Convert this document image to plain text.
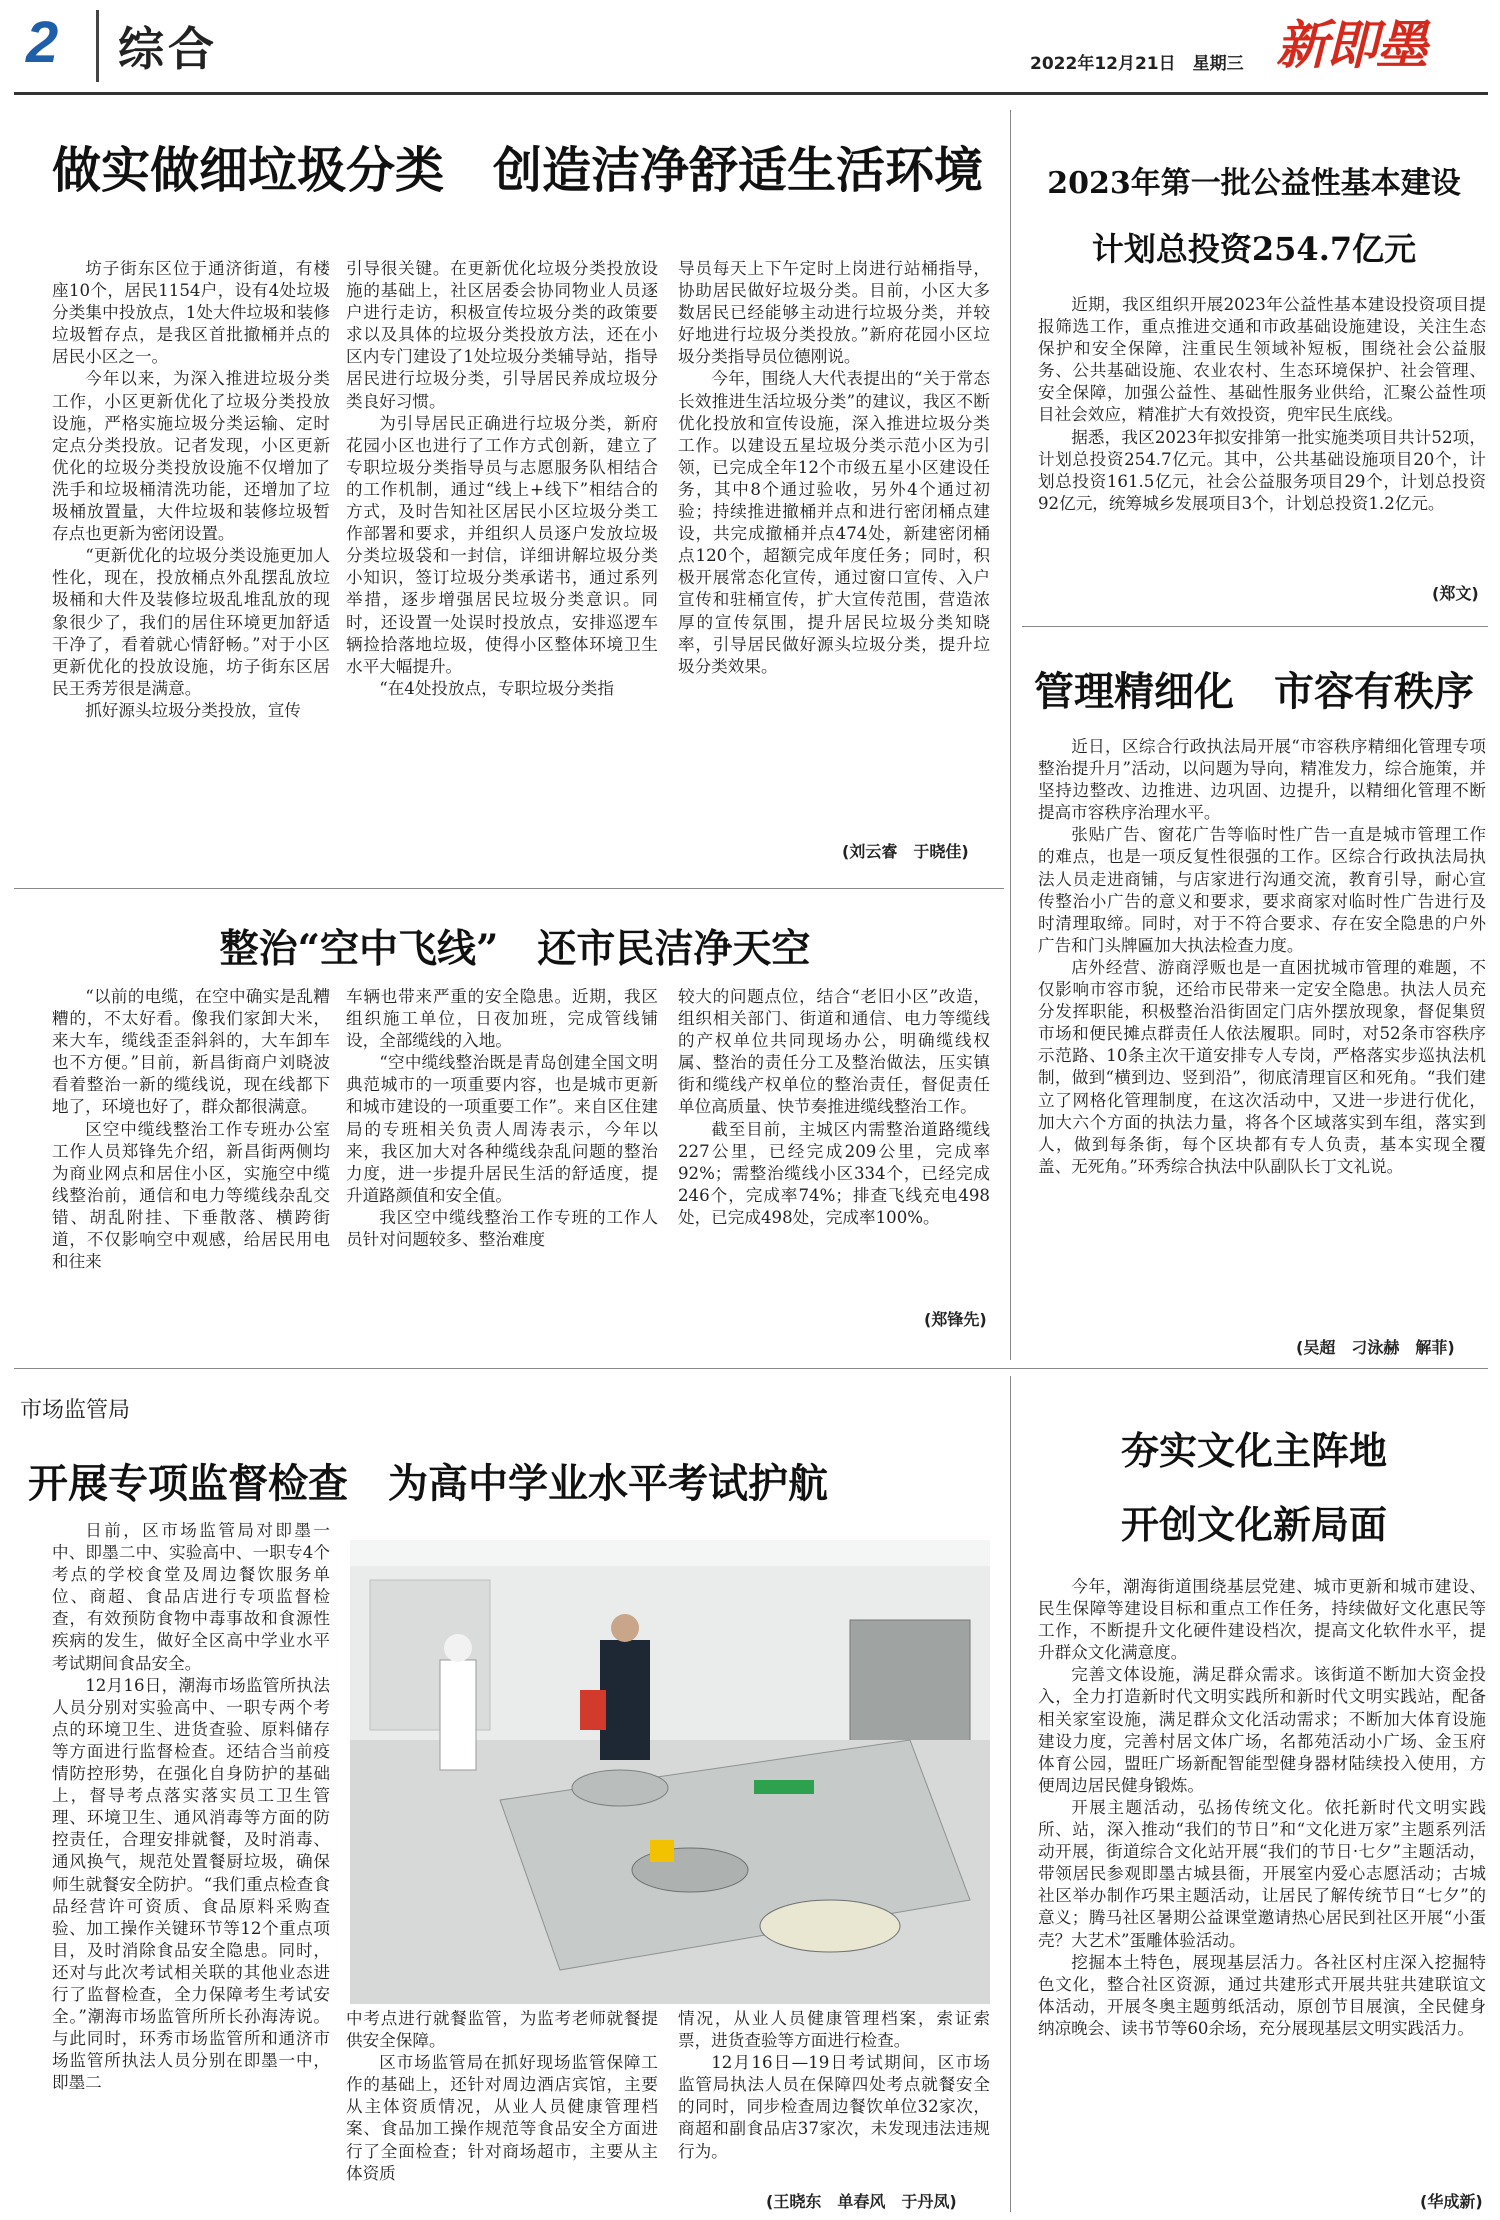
2 综合	2022年12月21日　星期三 新即墨
做实做细垃圾分类　创造洁净舒适生活环境

坊子街东区位于通济街道，有楼座10个，居民1154户，设有4处垃圾分类集中投放点，1处大件垃圾和装修垃圾暂存点，是我区首批撤桶并点的居民小区之一。

今年以来，为深入推进垃圾分类工作，小区更新优化了垃圾分类投放设施，严格实施垃圾分类运输、定时定点分类投放。记者发现，小区更新优化的垃圾分类投放设施不仅增加了洗手和垃圾桶清洗功能，还增加了垃圾桶放置量，大件垃圾和装修垃圾暂存点也更新为密闭设置。

“更新优化的垃圾分类设施更加人性化，现在，投放桶点外乱摆乱放垃圾桶和大件及装修垃圾乱堆乱放的现象很少了，我们的居住环境更加舒适干净了，看着就心情舒畅。”对于小区更新优化的投放设施，坊子街东区居民王秀芳很是满意。

抓好源头垃圾分类投放，宣传

引导很关键。在更新优化垃圾分类投放设施的基础上，社区居委会协同物业人员逐户进行走访，积极宣传垃圾分类的政策要求以及具体的垃圾分类投放方法，还在小区内专门建设了1处垃圾分类辅导站，指导居民进行垃圾分类，引导居民养成垃圾分类良好习惯。

为引导居民正确进行垃圾分类，新府花园小区也进行了工作方式创新，建立了专职垃圾分类指导员与志愿服务队相结合的工作机制，通过“线上+线下”相结合的方式，及时告知社区居民小区垃圾分类工作部署和要求，并组织人员逐户发放垃圾分类垃圾袋和一封信，详细讲解垃圾分类小知识，签订垃圾分类承诺书，通过系列举措，逐步增强居民垃圾分类意识。同时，还设置一处误时投放点，安排巡逻车辆捡拾落地垃圾，使得小区整体环境卫生水平大幅提升。

“在4处投放点，专职垃圾分类指

导员每天上下午定时上岗进行站桶指导，协助居民做好垃圾分类。目前，小区大多数居民已经能够主动进行垃圾分类，并较好地进行垃圾分类投放。”新府花园小区垃圾分类指导员位德刚说。

今年，围绕人大代表提出的“关于常态长效推进生活垃圾分类”的建议，我区不断优化投放和宣传设施，深入推进垃圾分类工作。以建设五星垃圾分类示范小区为引领，已完成全年12个市级五星小区建设任务，其中8个通过验收，另外4个通过初验；持续推进撤桶并点和进行密闭桶点建设，共完成撤桶并点474处，新建密闭桶点120个，超额完成年度任务；同时，积极开展常态化宣传，通过窗口宣传、入户宣传和驻桶宣传，扩大宣传范围，营造浓厚的宣传氛围，提升居民垃圾分类知晓率，引导居民做好源头垃圾分类，提升垃圾分类效果。

(刘云睿　于晓佳)
2023年第一批公益性基本建设
计划总投资254.7亿元

近期，我区组织开展2023年公益性基本建设投资项目提报筛选工作，重点推进交通和市政基础设施建设，关注生态保护和安全保障，注重民生领域补短板，围绕社会公益服务、公共基础设施、农业农村、生态环境保护、社会管理、安全保障，加强公益性、基础性服务业供给，汇聚公益性项目社会效应，精准扩大有效投资，兜牢民生底线。

据悉，我区2023年拟安排第一批实施类项目共计52项，计划总投资254.7亿元。其中，公共基础设施项目20个，计划总投资161.5亿元，社会公益服务项目29个，计划总投资92亿元，统筹城乡发展项目3个，计划总投资1.2亿元。

(郑文)
管理精细化　市容有秩序

近日，区综合行政执法局开展“市容秩序精细化管理专项整治提升月”活动，以问题为导向，精准发力，综合施策，并坚持边整改、边推进、边巩固、边提升，以精细化管理不断提高市容秩序治理水平。

张贴广告、窗花广告等临时性广告一直是城市管理工作的难点，也是一项反复性很强的工作。区综合行政执法局执法人员走进商铺，与店家进行沟通交流，教育引导，耐心宣传整治小广告的意义和要求，要求商家对临时性广告进行及时清理取缔。同时，对于不符合要求、存在安全隐患的户外广告和门头牌匾加大执法检查力度。

店外经营、游商浮贩也是一直困扰城市管理的难题，不仅影响市容市貌，还给市民带来一定安全隐患。执法人员充分发挥职能，积极整治沿街固定门店外摆放现象，督促集贸市场和便民摊点群责任人依法履职。同时，对52条市容秩序示范路、10条主次干道安排专人专岗，严格落实步巡执法机制，做到“横到边、竖到沿”，彻底清理盲区和死角。“我们建立了网格化管理制度，在这次活动中，又进一步进行优化，加大六个方面的执法力量，将各个区域落实到车组，落实到人，做到每条街，每个区块都有专人负责，基本实现全覆盖、无死角。”环秀综合执法中队副队长丁文礼说。

(吴超　刁泳赫　解菲)
整治“空中飞线”　还市民洁净天空

“以前的电缆，在空中确实是乱糟糟的，不太好看。像我们家卸大米，来大车，缆线歪歪斜斜的，大车卸车也不方便。”目前，新昌街商户刘晓波看着整治一新的缆线说，现在线都下地了，环境也好了，群众都很满意。

区空中缆线整治工作专班办公室工作人员郑锋先介绍，新昌街两侧均为商业网点和居住小区，实施空中缆线整治前，通信和电力等缆线杂乱交错、胡乱附挂、下垂散落、横跨街道，不仅影响空中观感，给居民用电和往来

车辆也带来严重的安全隐患。近期，我区组织施工单位，日夜加班，完成管线铺设，全部缆线的入地。

“空中缆线整治既是青岛创建全国文明典范城市的一项重要内容，也是城市更新和城市建设的一项重要工作”。来自区住建局的专班相关负责人周涛表示，今年以来，我区加大对各种缆线杂乱问题的整治力度，进一步提升居民生活的舒适度，提升道路颜值和安全值。

我区空中缆线整治工作专班的工作人员针对问题较多、整治难度

较大的问题点位，结合“老旧小区”改造，组织相关部门、街道和通信、电力等缆线的产权单位共同现场办公，明确缆线权属、整治的责任分工及整治做法，压实镇街和缆线产权单位的整治责任，督促责任单位高质量、快节奏推进缆线整治工作。

截至目前，主城区内需整治道路缆线227公里，已经完成209公里，完成率92%；需整治缆线小区334个，已经完成246个，完成率74%；排查飞线充电498处，已完成498处，完成率100%。

(郑锋先)
市场监管局
开展专项监督检查　为高中学业水平考试护航

日前，区市场监管局对即墨一中、即墨二中、实验高中、一职专4个考点的学校食堂及周边餐饮服务单位、商超、食品店进行专项监督检查，有效预防食物中毒事故和食源性疾病的发生，做好全区高中学业水平考试期间食品安全。

12月16日，潮海市场监管所执法人员分别对实验高中、一职专两个考点的环境卫生、进货查验、原料储存等方面进行监督检查。还结合当前疫情防控形势，在强化自身防护的基础上，督导考点落实落实员工卫生管理、环境卫生、通风消毒等方面的防控责任，合理安排就餐，及时消毒、通风换气，规范处置餐厨垃圾，确保师生就餐安全防护。“我们重点检查食品经营许可资质、食品原料采购查验、加工操作关键环节等12个重点项目，及时消除食品安全隐患。同时，还对与此次考试相关联的其他业态进行了监督检查，全力保障考生考试安全。”潮海市场监管所所长孙海涛说。与此同时，环秀市场监管所和通济市场监管所执法人员分别在即墨一中，即墨二

中考点进行就餐监管，为监考老师就餐提供安全保障。

区市场监管局在抓好现场监管保障工作的基础上，还针对周边酒店宾馆，主要从主体资质情况，从业人员健康管理档案、食品加工操作规范等食品安全方面进行了全面检查；针对商场超市，主要从主体资质

情况，从业人员健康管理档案，索证索票，进货查验等方面进行检查。

12月16日—19日考试期间，区市场监管局执法人员在保障四处考点就餐安全的同时，同步检查周边餐饮单位32家次，商超和副食品店37家次，未发现违法违规行为。

(王晓东　单春风　于丹凤)
夯实文化主阵地
开创文化新局面

今年，潮海街道围绕基层党建、城市更新和城市建设、民生保障等建设目标和重点工作任务，持续做好文化惠民等工作，不断提升文化硬件建设档次，提高文化软件水平，提升群众文化满意度。

完善文体设施，满足群众需求。该街道不断加大资金投入，全力打造新时代文明实践所和新时代文明实践站，配备相关家室设施，满足群众文化活动需求；不断加大体育设施建设力度，完善村居文体广场，名都苑活动小广场、金玉府体育公园，盟旺广场新配智能型健身器材陆续投入使用，方便周边居民健身锻炼。

开展主题活动，弘扬传统文化。依托新时代文明实践所、站，深入推动“我们的节日”和“文化进万家”主题系列活动开展，街道综合文化站开展“我们的节日·七夕”主题活动，带领居民参观即墨古城县衙，开展室内爱心志愿活动；古城社区举办制作巧果主题活动，让居民了解传统节日“七夕”的意义；腾马社区暑期公益课堂邀请热心居民到社区开展“小蛋壳？大艺术”蛋雕体验活动。

挖掘本土特色，展现基层活力。各社区村庄深入挖掘特色文化，整合社区资源，通过共建形式开展共驻共建联谊文体活动，开展冬奥主题剪纸活动，原创节目展演，全民健身纳凉晚会、读书节等60余场，充分展现基层文明实践活力。

(华成新)
